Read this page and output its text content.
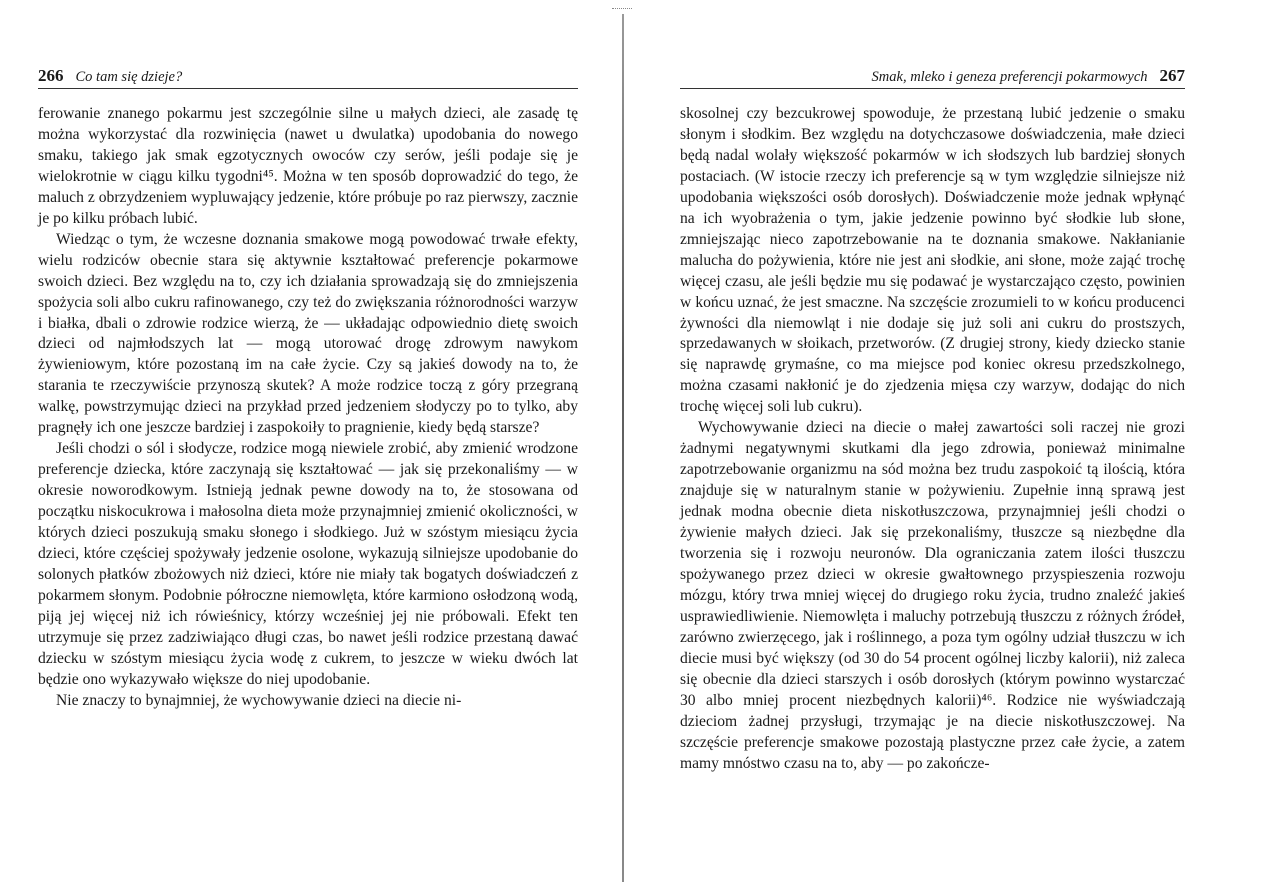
266 Co tam się dzieje?

ferowanie znanego pokarmu jest szczególnie silne u małych dzieci, ale zasadę tę można wykorzystać dla rozwinięcia (nawet u dwulatka) upodobania do nowego smaku, takiego jak smak egzotycznych owoców czy serów, jeśli podaje się je wielokrotnie w ciągu kilku tygodni⁴⁵. Można w ten sposób doprowadzić do tego, że maluch z obrzydzeniem wypluwający jedzenie, które próbuje po raz pierwszy, zacznie je po kilku próbach lubić.

Wiedząc o tym, że wczesne doznania smakowe mogą powodować trwałe efekty, wielu rodziców obecnie stara się aktywnie kształtować preferencje pokarmowe swoich dzieci. Bez względu na to, czy ich działania sprowadzają się do zmniejszenia spożycia soli albo cukru rafinowanego, czy też do zwiększania różnorodności warzyw i białka, dbali o zdrowie rodzice wierzą, że — układając odpowiednio dietę swoich dzieci od najmłodszych lat — mogą utorować drogę zdrowym nawykom żywieniowym, które pozostaną im na całe życie. Czy są jakieś dowody na to, że starania te rzeczywiście przynoszą skutek? A może rodzice toczą z góry przegraną walkę, powstrzymując dzieci na przykład przed jedzeniem słodyczy po to tylko, aby pragnęły ich one jeszcze bardziej i zaspokoiły to pragnienie, kiedy będą starsze?

Jeśli chodzi o sól i słodycze, rodzice mogą niewiele zrobić, aby zmienić wrodzone preferencje dziecka, które zaczynają się kształtować — jak się przekonaliśmy — w okresie noworodkowym. Istnieją jednak pewne dowody na to, że stosowana od początku niskocukrowa i małosolna dieta może przynajmniej zmienić okoliczności, w których dzieci poszukują smaku słonego i słodkiego. Już w szóstym miesiącu życia dzieci, które częściej spożywały jedzenie osolone, wykazują silniejsze upodobanie do solonych płatków zbożowych niż dzieci, które nie miały tak bogatych doświadczeń z pokarmem słonym. Podobnie półroczne niemowlęta, które karmiono osłodzoną wodą, piją jej więcej niż ich rówieśnicy, którzy wcześniej jej nie próbowali. Efekt ten utrzymuje się przez zadziwiająco długi czas, bo nawet jeśli rodzice przestaną dawać dziecku w szóstym miesiącu życia wodę z cukrem, to jeszcze w wieku dwóch lat będzie ono wykazywało większe do niej upodobanie.

Nie znaczy to bynajmniej, że wychowywanie dzieci na diecie ni-

Smak, mleko i geneza preferencji pokarmowych 267

skosolnej czy bezcukrowej spowoduje, że przestaną lubić jedzenie o smaku słonym i słodkim. Bez względu na dotychczasowe doświadczenia, małe dzieci będą nadal wolały większość pokarmów w ich słodszych lub bardziej słonych postaciach. (W istocie rzeczy ich preferencje są w tym względzie silniejsze niż upodobania większości osób dorosłych). Doświadczenie może jednak wpłynąć na ich wyobrażenia o tym, jakie jedzenie powinno być słodkie lub słone, zmniejszając nieco zapotrzebowanie na te doznania smakowe. Nakłanianie malucha do pożywienia, które nie jest ani słodkie, ani słone, może zająć trochę więcej czasu, ale jeśli będzie mu się podawać je wystarczająco często, powinien w końcu uznać, że jest smaczne. Na szczęście zrozumieli to w końcu producenci żywności dla niemowląt i nie dodaje się już soli ani cukru do prostszych, sprzedawanych w słoikach, przetworów. (Z drugiej strony, kiedy dziecko stanie się naprawdę grymaśne, co ma miejsce pod koniec okresu przedszkolnego, można czasami nakłonić je do zjedzenia mięsa czy warzyw, dodając do nich trochę więcej soli lub cukru).

Wychowywanie dzieci na diecie o małej zawartości soli raczej nie grozi żadnymi negatywnymi skutkami dla jego zdrowia, ponieważ minimalne zapotrzebowanie organizmu na sód można bez trudu zaspokoić tą ilością, która znajduje się w naturalnym stanie w pożywieniu. Zupełnie inną sprawą jest jednak modna obecnie dieta niskotłuszczowa, przynajmniej jeśli chodzi o żywienie małych dzieci. Jak się przekonaliśmy, tłuszcze są niezbędne dla tworzenia się i rozwoju neuronów. Dla ograniczania zatem ilości tłuszczu spożywanego przez dzieci w okresie gwałtownego przyspieszenia rozwoju mózgu, który trwa mniej więcej do drugiego roku życia, trudno znaleźć jakieś usprawiedliwienie. Niemowlęta i maluchy potrzebują tłuszczu z różnych źródeł, zarówno zwierzęcego, jak i roślinnego, a poza tym ogólny udział tłuszczu w ich diecie musi być większy (od 30 do 54 procent ogólnej liczby kalorii), niż zaleca się obecnie dla dzieci starszych i osób dorosłych (którym powinno wystarczać 30 albo mniej procent niezbędnych kalorii)⁴⁶. Rodzice nie wyświadczają dzieciom żadnej przysługi, trzymając je na diecie niskotłuszczowej. Na szczęście preferencje smakowe pozostają plastyczne przez całe życie, a zatem mamy mnóstwo czasu na to, aby — po zakończe-
